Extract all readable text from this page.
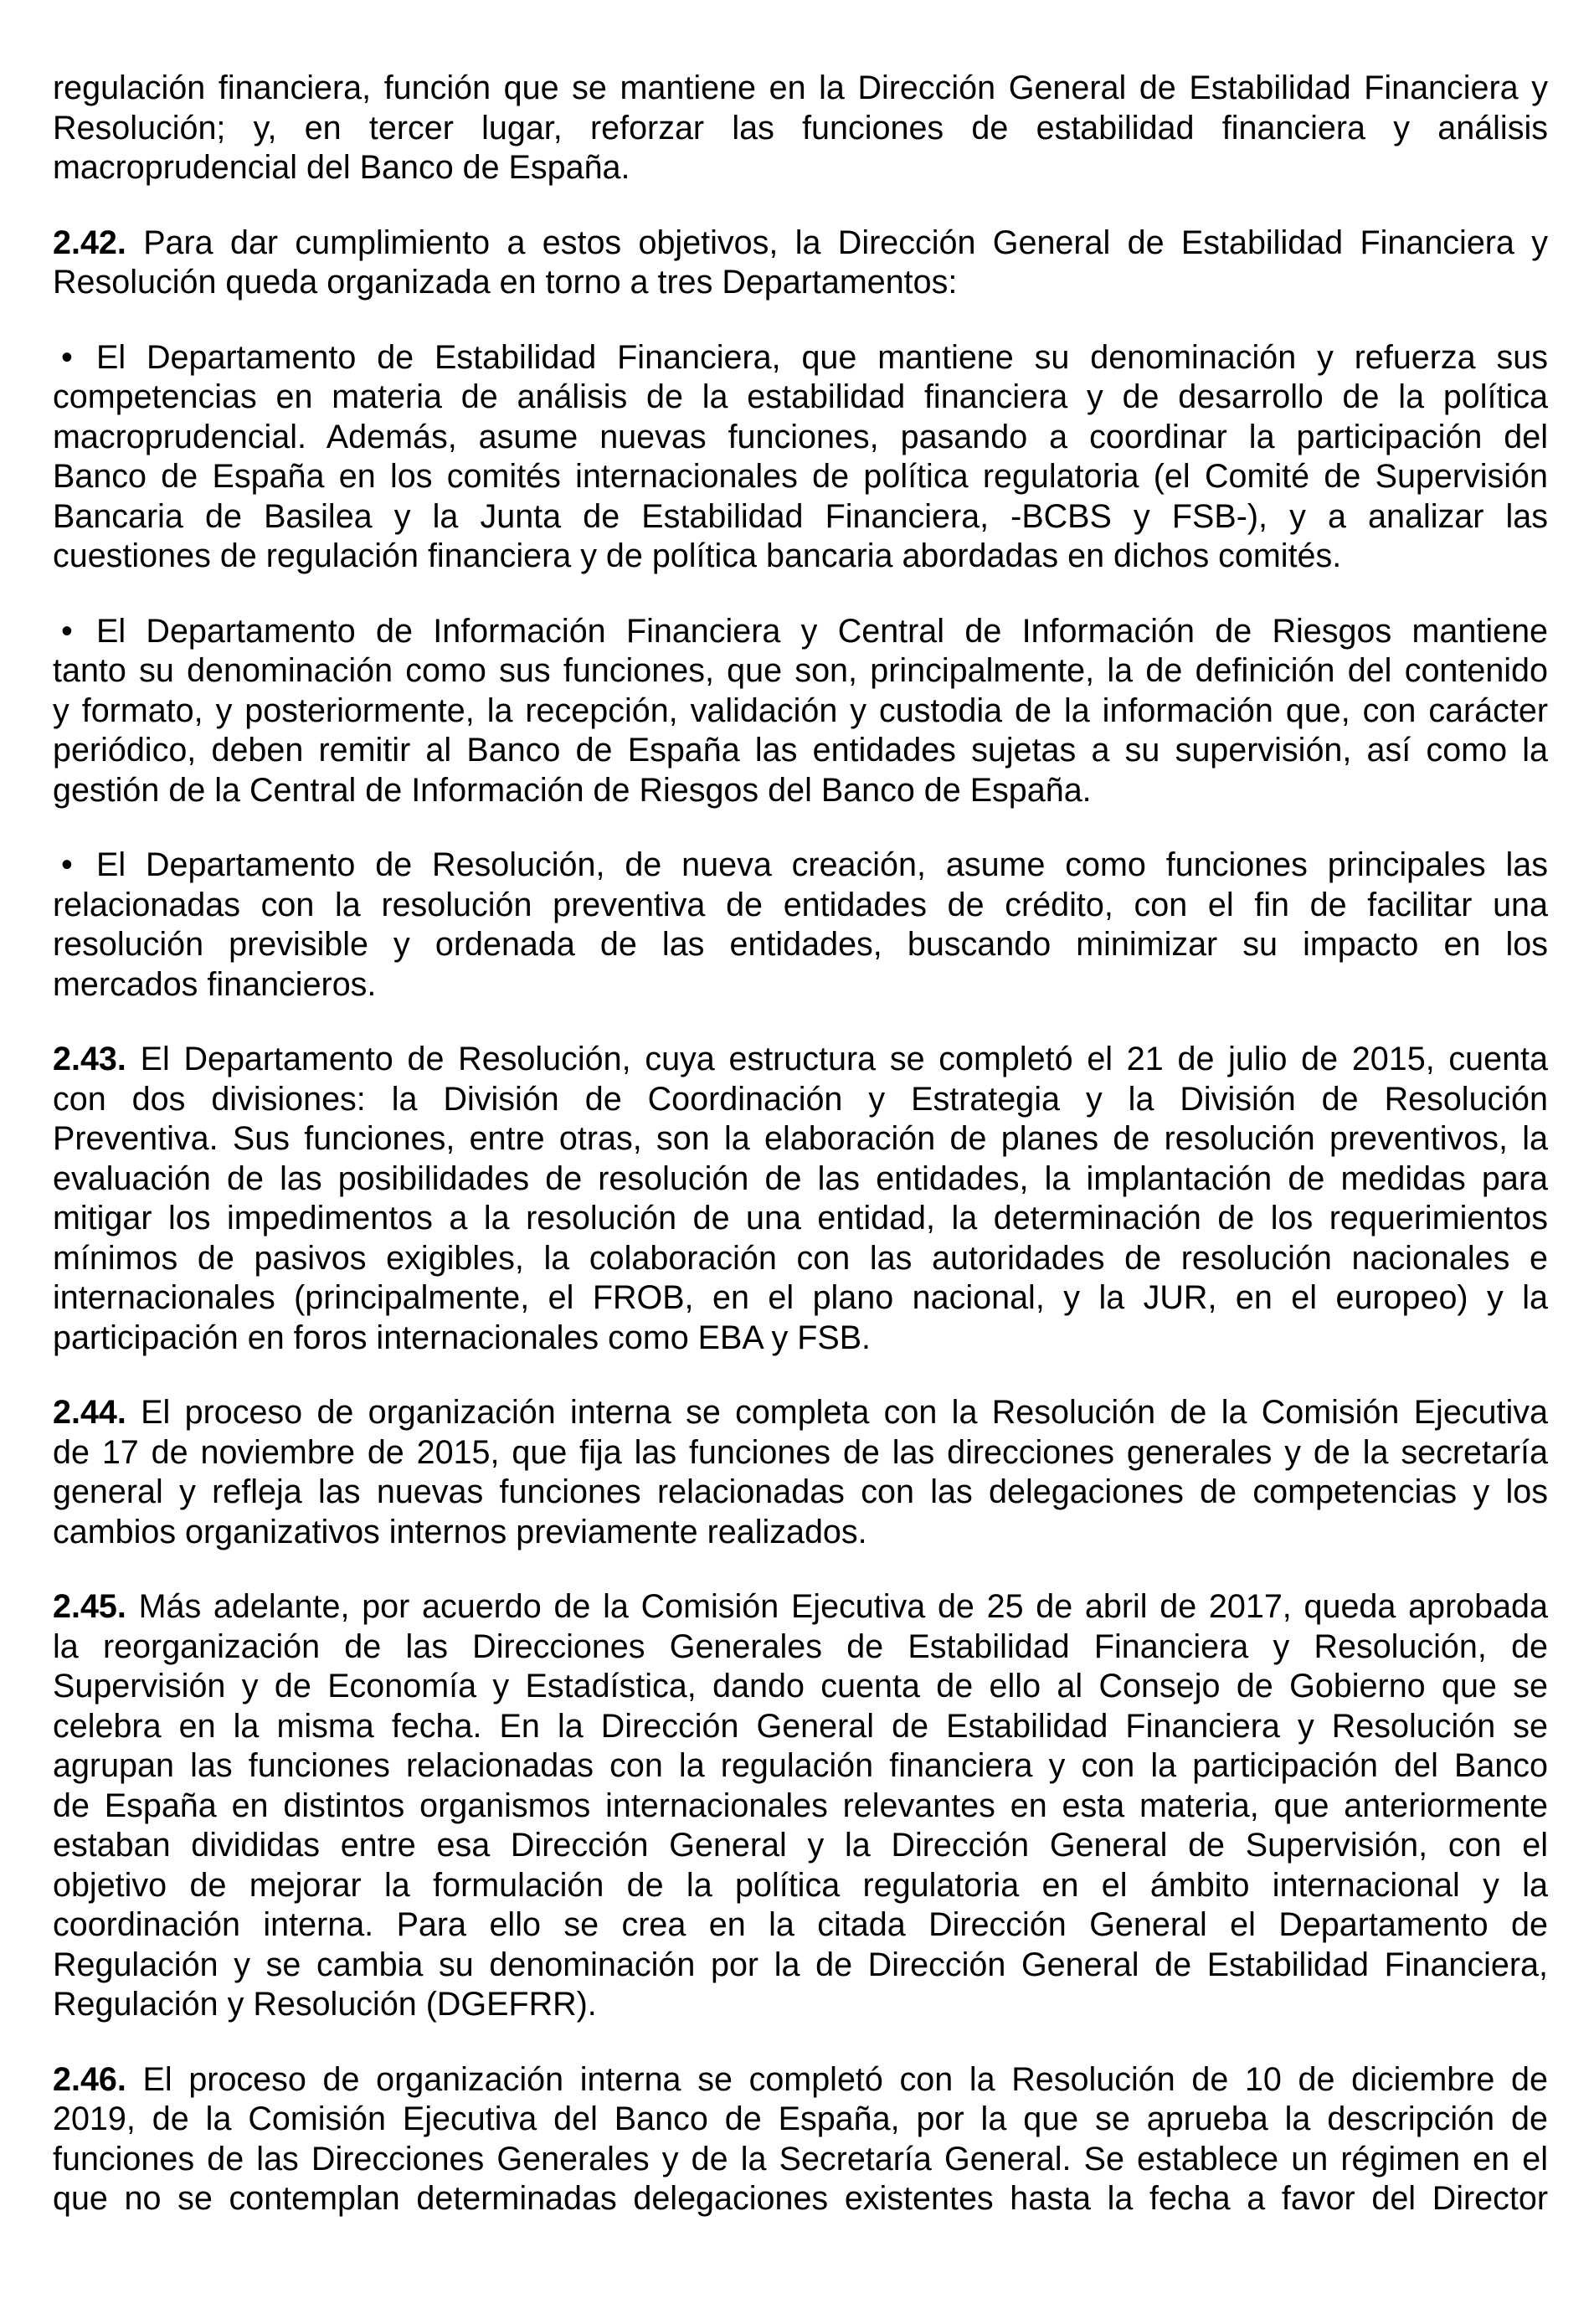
regulación financiera, función que se mantiene en la Dirección General de Estabilidad Financiera y
Resolución; y, en tercer lugar, reforzar las funciones de estabilidad financiera y análisis
macroprudencial del Banco de España.
2.42. Para dar cumplimiento a estos objetivos, la Dirección General de Estabilidad Financiera y
Resolución queda organizada en torno a tres Departamentos:
• El Departamento de Estabilidad Financiera, que mantiene su denominación y refuerza sus
competencias en materia de análisis de la estabilidad financiera y de desarrollo de la política
macroprudencial. Además, asume nuevas funciones, pasando a coordinar la participación del
Banco de España en los comités internacionales de política regulatoria (el Comité de Supervisión
Bancaria de Basilea y la Junta de Estabilidad Financiera, -BCBS y FSB-), y a analizar las
cuestiones de regulación financiera y de política bancaria abordadas en dichos comités.
• El Departamento de Información Financiera y Central de Información de Riesgos mantiene
tanto su denominación como sus funciones, que son, principalmente, la de definición del contenido
y formato, y posteriormente, la recepción, validación y custodia de la información que, con carácter
periódico, deben remitir al Banco de España las entidades sujetas a su supervisión, así como la
gestión de la Central de Información de Riesgos del Banco de España.
• El Departamento de Resolución, de nueva creación, asume como funciones principales las
relacionadas con la resolución preventiva de entidades de crédito, con el fin de facilitar una
resolución previsible y ordenada de las entidades, buscando minimizar su impacto en los
mercados financieros.
2.43. El Departamento de Resolución, cuya estructura se completó el 21 de julio de 2015, cuenta
con dos divisiones: la División de Coordinación y Estrategia y la División de Resolución
Preventiva. Sus funciones, entre otras, son la elaboración de planes de resolución preventivos, la
evaluación de las posibilidades de resolución de las entidades, la implantación de medidas para
mitigar los impedimentos a la resolución de una entidad, la determinación de los requerimientos
mínimos de pasivos exigibles, la colaboración con las autoridades de resolución nacionales e
internacionales (principalmente, el FROB, en el plano nacional, y la JUR, en el europeo) y la
participación en foros internacionales como EBA y FSB.
2.44. El proceso de organización interna se completa con la Resolución de la Comisión Ejecutiva
de 17 de noviembre de 2015, que fija las funciones de las direcciones generales y de la secretaría
general y refleja las nuevas funciones relacionadas con las delegaciones de competencias y los
cambios organizativos internos previamente realizados.
2.45. Más adelante, por acuerdo de la Comisión Ejecutiva de 25 de abril de 2017, queda aprobada
la reorganización de las Direcciones Generales de Estabilidad Financiera y Resolución, de
Supervisión y de Economía y Estadística, dando cuenta de ello al Consejo de Gobierno que se
celebra en la misma fecha. En la Dirección General de Estabilidad Financiera y Resolución se
agrupan las funciones relacionadas con la regulación financiera y con la participación del Banco
de España en distintos organismos internacionales relevantes en esta materia, que anteriormente
estaban divididas entre esa Dirección General y la Dirección General de Supervisión, con el
objetivo de mejorar la formulación de la política regulatoria en el ámbito internacional y la
coordinación interna. Para ello se crea en la citada Dirección General el Departamento de
Regulación y se cambia su denominación por la de Dirección General de Estabilidad Financiera,
Regulación y Resolución (DGEFRR).
2.46. El proceso de organización interna se completó con la Resolución de 10 de diciembre de
2019, de la Comisión Ejecutiva del Banco de España, por la que se aprueba la descripción de
funciones de las Direcciones Generales y de la Secretaría General. Se establece un régimen en el
que no se contemplan determinadas delegaciones existentes hasta la fecha a favor del Director
